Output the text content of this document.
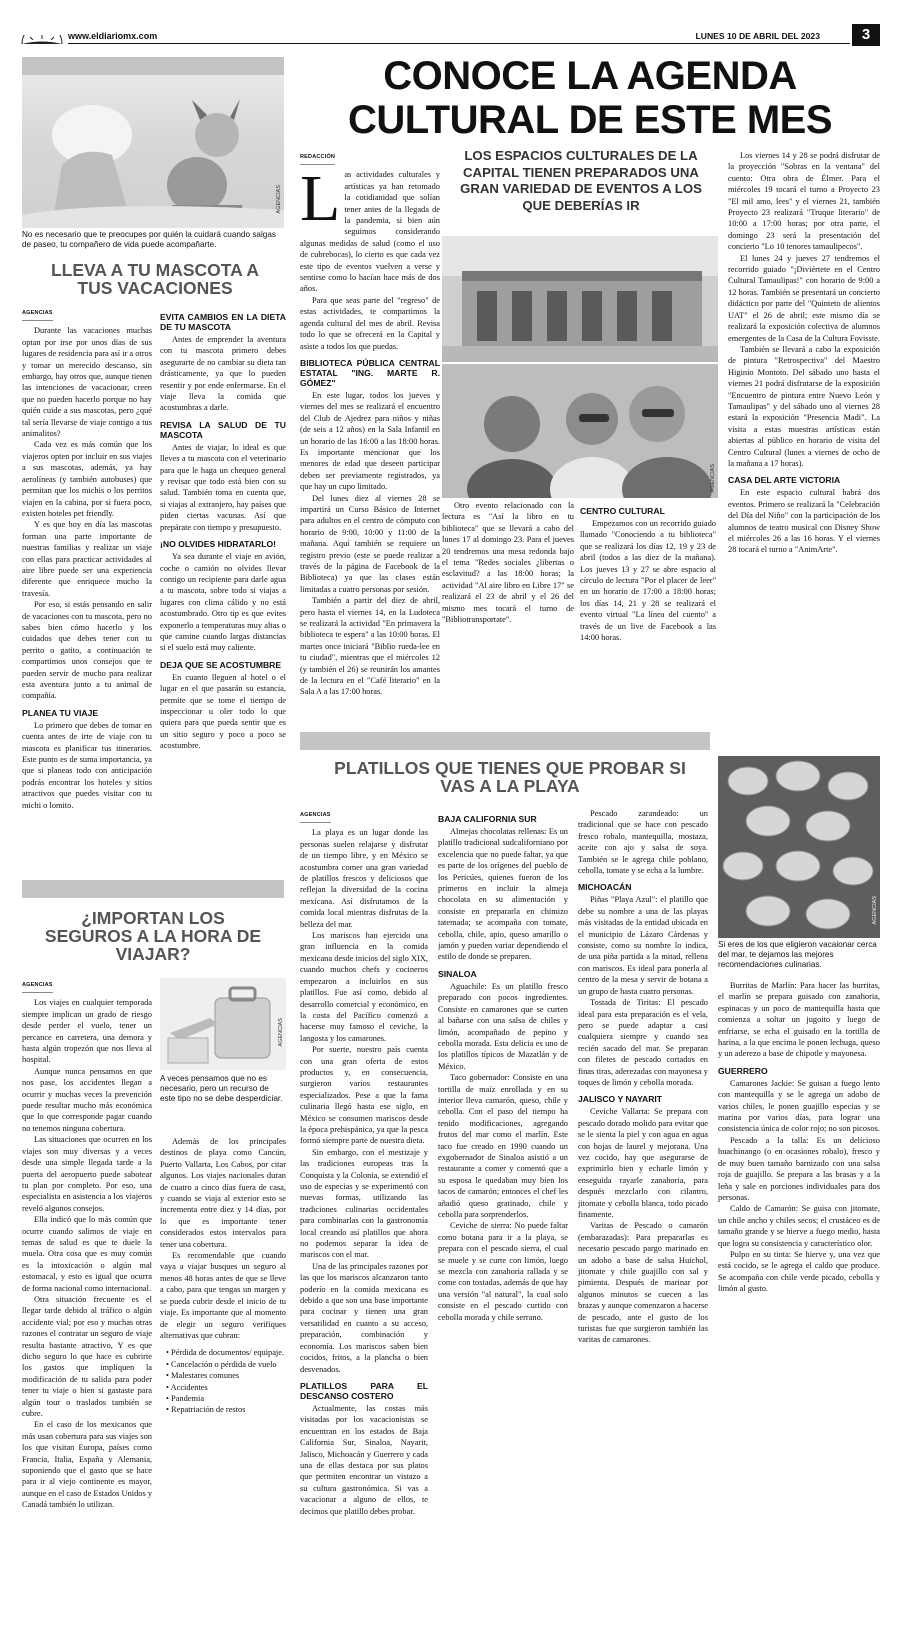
www.eldiariomx.com	LUNES 10 DE ABRIL DEL 2023	3
AGENCIAS
No es necesario que te preocupes por quién la cuidará cuando salgas de paseo, tu compañero de vida puede acompañarte.
LLEVA A TU MASCOTA A TUS VACACIONES
AGENCIAS

Durante las vacaciones muchas optan por irse por unos días de sus lugares de residencia para así ir a otros y tomar un merecido descanso, sin embargo, hay otros que, aunque tienen las intenciones de vacacionar, creen que no pueden hacerlo porque no hay quién cuide a sus mascotas, pero ¿qué tal sería llevarse de viaje contigo a tus animalitos?

Cada vez es más común que los viajeros opten por incluir en sus viajes a sus mascotas, además, ya hay aerolíneas (y también autobuses) que permitan que los michis o los perritos viajen en la cabina, por si fuera poco, existen hoteles pet friendly.

Y es que hoy en día las mascotas forman una parte importante de nuestras familias y realizar un viaje con ellas para practicar actividades al aire libre puede ser una experiencia diferente que enriquece mucho la travesía.

Por eso, si estás pensando en salir de vacaciones con tu mascota, pero no sabes bien cómo hacerlo y los cuidados que debes tener con tu perrito o gatito, a continuación te compartimos unos consejos que te pueden servir de mucho para realizar esta aventura junto a tu animal de compañía.

PLANEA TU VIAJE

Lo primero que debes de tomar en cuenta antes de irte de viaje con tu mascota es planificar tus itinerarios. Este punto es de suma importancia, ya que si planeas todo con anticipación podrás encontrar los hoteles y sitios atractivos que puedes visitar con tu michi o lomito.

EVITA CAMBIOS EN LA DIETA DE TU MASCOTA

Antes de emprender la aventura con tu mascota primero debes asegurarte de no cambiar su dieta tan drásticamente, ya que lo pueden resentir y por ende enfermarse. En el viaje lleva la comida que acostumbras a darle.

REVISA LA SALUD DE TU MASCOTA

Antes de viajar, lo ideal es que lleves a tu mascota con el veterinario para que le haga un chequeo general y revisar que todo está bien con su salud. También toma en cuenta que, si viajas al extranjero, hay países que piden ciertas vacunas. Así que prepárate con tiempo y presupuesto.

¡NO OLVIDES HIDRATARLO!

Ya sea durante el viaje en avión, coche o camión no olvides llevar contigo un recipiente para darle agua a tu mascota, sobre todo si viajas a lugares con clima cálido y no está acostumbrado. Otro tip es que evites exponerlo a temperaturas muy altas o que camine cuando largas distancias si el suelo está muy caliente.

DEJA QUE SE ACOSTUMBRE

En cuanto lleguen al hotel o el lugar en el que pasarán su estancia, permite que se tome el tiempo de inspeccionar u oler todo lo que quiera para que pueda sentir que es un sitio seguro y poco a poco se acostumbre.

CONOCE LA AGENDA CULTURAL DE ESTE MES
REDACCIÓN
L as actividades culturales y artísticas ya han retomado la cotidianidad que solían tener antes de la llegada de la pandemia, si bien aún seguimos considerando algunas medidas de salud (como el uso de cubrebocas), lo cierto es que cada vez este tipo de eventos vuelven a verse y sentirse como lo hacían hace más de dos años.

Para que seas parte del "regreso" de estas actividades, te compartimos la agenda cultural del mes de abril. Revisa todo lo que se ofrecerá en la Capital y asiste a todos los que puedas.

BIBLIOTECA PÚBLICA CENTRAL ESTATAL "ING. MARTE R. GÓMEZ"

En este lugar, todos los jueves y viernes del mes se realizará el encuentro del Club de Ajedrez para niños y niñas (de seis a 12 años) en la Sala Infantil en un horario de las 16:00 a las 18:00 horas. Es importante mencionar que los menores de edad que deseen participar deben ser previamente registrados, ya que hay un cupo limitado.

Del lunes diez al viernes 28 se impartirá un Curso Básico de Internet para adultos en el centro de cómputo con horario de 9:00, 10:00 y 11:00 de la mañana. Aquí también se requiere un registro previo (este se puede realizar a través de la página de Facebook de la Biblioteca) ya que las clases están limitadas a cuatro personas por sesión.

También a partir del diez de abril, pero hasta el viernes 14, en la Ludoteca se realizará la actividad "En primavera la biblioteca te espera" a las 10:00 horas. El martes once iniciará "Biblio rueda-lee en tu ciudad", mientras que el miércoles 12 (y también el 26) se reunirán los amantes de la lectura en el "Café literario" en la Sala A a las 17:00 horas.

LOS ESPACIOS CULTURALES DE LA CAPITAL TIENEN PREPARADOS UNA GRAN VARIEDAD DE EVENTOS A LOS QUE DEBERÍAS IR
AGENCIAS

Otro evento relacionado con la lectura es "Así la libro en tu biblioteca" que se llevará a cabo del lunes 17 al domingo 23. Para el jueves 20 tendremos una mesa redonda bajo el tema "Redes sociales ¿libertas o esclavitud? a las 18:00 horas; la actividad "Al aire libro en Libre 17" se realizará el 23 de abril y el 26 del mismo mes tocará el turno de "Bibliotransportate".

CENTRO CULTURAL

Empezamos con un recorrido guiado llamado "Conociendo a tu biblioteca" que se realizará los días 12, 19 y 23 de abril (todos a las diez de la mañana). Los jueves 13 y 27 se abre espacio al círculo de lectura "Por el placer de leer" en un horario de 17:00 a 18:00 horas; los días 14, 21 y 28 se realizará el evento virtual "La línea del cuento" a través de un live de Facebook a las 14:00 horas.

Los viernes 14 y 28 se podrá disfrutar de la proyección "Sobras en la ventana" del cuento: Otra obra de Élmer. Para el miércoles 19 tocará el turno a Proyecto 23 "El mil amo, lees" y el viernes 21, también Proyecto 23 realizará "Truque literario" de 10:00 a 17:00 horas; por otra parte, el domingo 23 será la presentación del concierto "Lo 10 tenores tamaulipecos".

El lunes 24 y jueves 27 tendremos el recorrido guiado "¡Diviértete en el Centro Cultural Tamaulipas!" con horario de 9:00 a 12 horas. También se presentará un concierto didáctico por parte del "Quinteto de alientos UAT" el 26 de abril; este mismo día se realizará la exposición colectiva de alumnos emergentes de la Casa de la Cultura Fovisste.

También se llevará a cabo la exposición de pintura "Retrospectiva" del Maestro Higinio Montoto. Del sábado uno hasta el viernes 21 podrá disfrutarse de la exposición "Encuentro de pintura entre Nuevo León y Tamaulipas" y del sábado uno al viernes 28 estará la exposición "Presencia Madi". La visita a estas muestras artísticas están abiertas al público en horario de visita del Centro Cultural (lunes a viernes de ocho de la mañana a 17 horas).

CASA DEL ARTE VICTORIA

En este espacio cultural habrá dos eventos. Primero se realizará la "Celebración del Día del Niño" con la participación de los alumnos de teatro musical con Disney Show el miércoles 26 a las 16 horas. Y el viernes 28 tocará el turno a "AnimArte".

¿IMPORTAN LOS SEGUROS A LA HORA DE VIAJAR?
AGENCIAS

Los viajes en cualquier temporada siempre implican un grado de riesgo desde perder el vuelo, tener un percance en carretera, una demora y hasta algún tropezón que nos lleva al hospital.

Aunque nunca pensamos en que nos pase, los accidentes llegan a ocurrir y muchas veces la prevención puede resultar mucho más económica que lo que corresponde pagar cuando no tenemos ninguna cobertura.

Las situaciones que ocurren en los viajes son muy diversas y a veces desde una simple llegada tarde a la puerta del aeropuerto puede sabotear tu plan por completo. Por eso, una especialista en asistencia a los viajeros reveló algunos consejos.

Ella indicó que lo más común que ocurre cuando salimos de viaje en temas de salud es que te duele la muela. Otra cosa que es muy común es la intoxicación o algún mal estomacal, y esto es igual que ocurra de forma nacional como internacional.

Otra situación frecuente es el llegar tarde debido al tráfico o algún accidente vial; por eso y muchas otras razones el contratar un seguro de viaje resulta bastante atractivo, Y es que dicho seguro lo que hace es cubrirte los gastos que impliquen la modificación de tu salida para poder tener tu viaje o bien si gastaste para algún tour o traslados también se cubre.

En el caso de los mexicanos que más usan cobertura para sus viajes son los que visitan Europa, países como Francia, Italia, España y Alemania, suponiendo que el gasto que se hace para ir al viejo continente es mayor, aunque en el caso de Estados Unidos y Canadá también lo utilizan.

AGENCIAS
A veces pensamos que no es necesario, pero un recurso de este tipo no se debe desperdiciar.

Además de los principales destinos de playa como Cancún, Puerto Vallarta, Los Cabos, por citar algunos. Los viajes nacionales duran de cuatro a cinco días fuera de casa, y cuando se viaja al exterior esto se incrementa entre diez y 14 días, por lo que es importante tener considerados estos intervalos para tener una cobertura.

Es recomendable que cuando vaya a viajar busques un seguro al menos 48 horas antes de que se lleve a cabo, para que tengas un margen y se pueda cubrir desde el inicio de tu viaje. Es importante que al momento de elegir un seguro verifiques alternativas que cubran:

• Pérdida de documentos/ equipaje.
• Cancelación o pérdida de vuelo
• Malestares comunes
• Accidentes
• Pandemia
• Repatriación de restos
PLATILLOS QUE TIENES QUE PROBAR SI VAS A LA PLAYA
AGENCIAS

La playa es un lugar donde las personas suelen relajarse y disfrutar de un tiempo libre, y en México se acostumbra comer una gran variedad de platillos frescos y deliciosos que reflejan la diversidad de la cocina mexicana. Así disfrutamos de la comida local mientras disfrutas de la belleza del mar.

Los mariscos han ejercido una gran influencia en la comida mexicana desde inicios del siglo XIX, cuando muchos chefs y cocineros empezaron a incluirlos en sus platillos. Fue así como, debido al desarrollo comercial y económico, en la costa del Pacífico comenzó a hacerse muy famoso el ceviche, la langosta y los camarones.

Por suerte, nuestro país cuenta con una gran oferta de estos productos y, en consecuencia, surgieron varios restaurantes especializados. Pese a que la fama culinaria llegó hasta ese siglo, en México se consumen mariscos desde la época prehispánica, ya que la pesca formó siempre parte de nuestra dieta.

Sin embargo, con el mestizaje y las tradiciones europeas tras la Conquista y la Colonia, se extendió el uso de especias y se experimentó con nuevas formas, utilizando las tradiciones culinarias occidentales para combinarlas con la gastronomía local creando así platillos que ahora no podemos separar la idea de mariscos con el mar.

Una de las principales razones por las que los mariscos alcanzaron tanto poderío en la comida mexicana es debido a que son una base importante para cocinar y tienen una gran versatilidad en cuanto a su acceso, preparación, combinación y economía. Los mariscos saben bien cocidos, fritos, a la plancha o bien desvenados.

PLATILLOS PARA EL DESCANSO COSTERO

Actualmente, las costas más visitadas por los vacacionistas se encuentran en los estados de Baja California Sur, Sinaloa, Nayarit, Jalisco, Michoacán y Guerrero y cada una de ellas destaca por sus platos que permiten encontrar un vistazo a su cultura gastronómica. Si vas a vacacionar a alguno de ellos, te decimos que platillo debes probar.

BAJA CALIFORNIA SUR

Almejas chocolatas rellenas: Es un platillo tradicional sudcaliforniano por excelencia que no puede faltar, ya que es parte de los orígenes del pueblo de los Pericúes, quienes fueron de los primeros en incluir la almeja chocolata en su alimentación y consiste en prepararla en chimizo tatemada; se acompaña con tomate, cebolla, chile, apio, queso amarillo o jamón y pueden variar dependiendo el estilo de donde se preparen.

SINALOA

Aguachile: Es un platillo fresco preparado con pocos ingredientes. Consiste en camarones que se curten al bañarse con una salsa de chiles y limón, acompañado de pepino y cebolla morada. Esta delicia es uno de los platillos típicos de Mazatlán y de México.

Taco gobernador: Consiste en una tortilla de maíz enrollada y en su interior lleva camarón, queso, chile y cebolla. Con el paso del tiempo ha tenido modificaciones, agregando frutos del mar como el marlín. Este taco fue creado en 1990 cuando un exgobernador de Sinaloa asistió a un restaurante a comer y comentó que a su esposa le quedaban muy bien los tacos de camarón; entonces el chef les añadió queso gratinado, chile y cebolla para sorprenderlos.

Ceviche de sierra: No puede faltar como botana para ir a la playa, se prepara con el pescado sierra, el cual se muele y se curte con limón, luego se mezcla con zanahoria rallada y se come con tostadas, además de que hay una versión "al natural", la cual solo consiste en el pescado curtido con cebolla morada y chile serrano.

Pescado zarandeado: un tradicional que se hace con pescado fresco robalo, mantequilla, mostaza, aceite con ajo y salsa de soya. También se le agrega chile poblano, cebolla, tomate y se echa a la lumbre.

MICHOACÁN

Piñas "Playa Azul": el platillo que debe su nombre a una de las playas más visitadas de la entidad ubicada en el municipio de Lázaro Cárdenas y consiste, como su nombre lo indica, de una piña partida a la mitad, rellena con mariscos. Es ideal para ponerla al centro de la mesa y servir de botana a un grupo de hasta cuatro personas.

Tostada de Tiritas: El pescado ideal para esta preparación es el vela, pero se puede adaptar a casi cualquiera siempre y cuando sea recién sacado del mar. Se preparan con filetes de pescado cortados en finas tiras, aderezadas con mayonesa y toques de limón y cebolla morada.

JALISCO Y NAYARIT

Ceviche Vallarta: Se prepara con pescado dorado molido para evitar que se le sienta la piel y con agua en agua con hojas de laurel y mejorana. Una vez cocido, hay que asegurarse de exprimirlo bien y echarle limón y enseguida rayarle zanahoria, para después mezclarlo con cilantro, jitomate y cebolla blanca, todo picado finamente.

Varitas de Pescado o camarón (embarazadas): Para prepararlas es necesario pescado pargo marinado en un adobo a base de salsa Huichol, jitomate y chile guajillo con sal y pimienta. Después de marinar por algunos minutos se cuecen a las brazas y aunque comenzaron a hacerse de pescado, ante el gusto de los turistas fue que surgieron también las varitas de camarones.

AGENCIAS
Si eres de los que eligieron vacaionar cerca del mar, te dejamos las mejores recomendaciones culinarias.

Burritas de Marlín: Para hacer las burritas, el marlín se prepara guisado con zanahoria, espinacas y un poco de mantequilla hasta que comienza a soltar un jugoito y luego de enfriarse, se echa el guisado en la tortilla de harina, a la que encima le ponen lechuga, queso y un aderezo a base de chipotle y mayonesa.

GUERRERO

Camarones Jackie: Se guisan a fuego lento con mantequilla y se le agrega un adobo de varios chiles, le ponen guajillo especias y se marina por varios días, para lograr una consistencia única de color rojo; no son picosos.

Pescado a la talla: Es un delicioso huachinango (o en ocasiones robalo), fresco y de muy buen tamaño barnizado con una salsa roja de guajillo. Se prepara a las brasas y a la leña y sale en porciones individuales para dos personas.

Caldo de Camarón: Se guisa con jitomate, un chile ancho y chiles secos; el crustáceo es de tamaño grande y se hierve a fuego medio, hasta que logra su consistencia y característico olor.

Pulpo en su tinta: Se hierve y, una vez que está cocido, se le agrega el caldo que produce. Se acompaña con chile verde picado, cebolla y limón al gusto.
